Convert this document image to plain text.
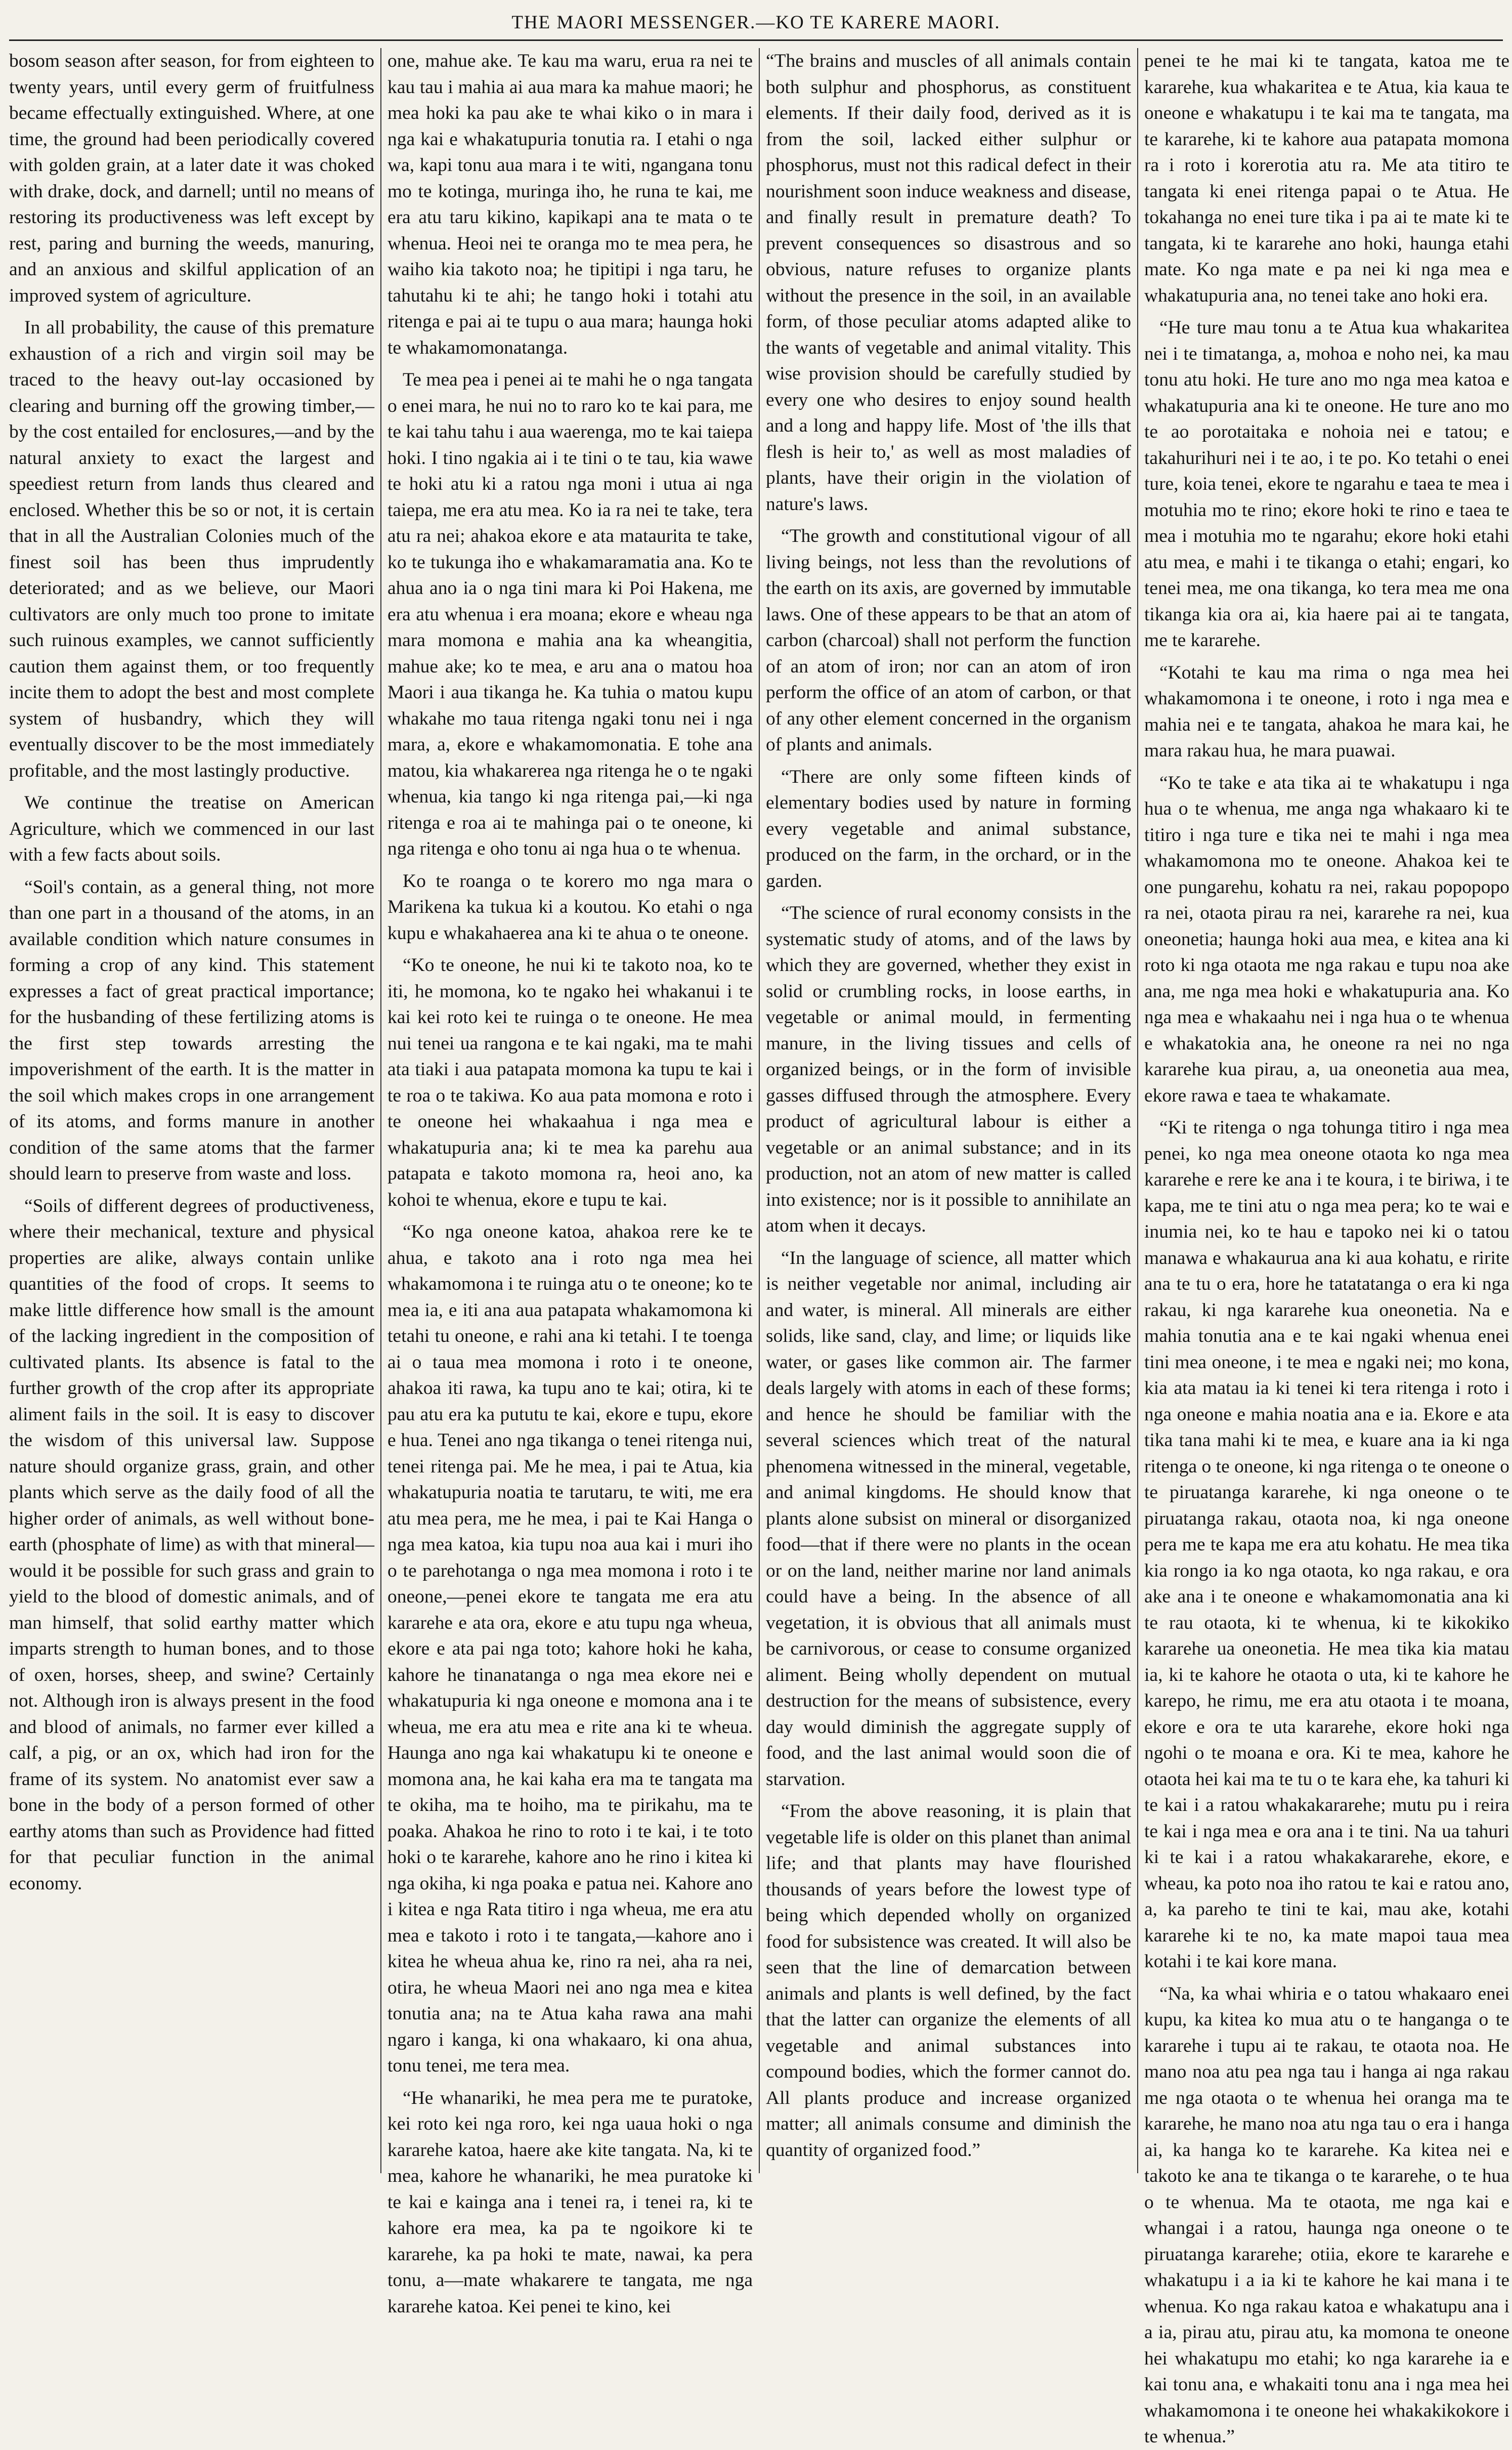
THE MAORI MESSENGER.—KO TE KARERE MAORI.

bosom season after season, for from eighteen to twenty years, until every germ of fruitfulness became effectually extinguished. Where, at one time, the ground had been periodically covered with golden grain, at a later date it was choked with drake, dock, and darnell; until no means of restoring its productiveness was left except by rest, paring and burning the weeds, manuring, and an anxious and skilful application of an improved system of agriculture.

In all probability, the cause of this premature exhaustion of a rich and virgin soil may be traced to the heavy out-lay occasioned by clearing and burning off the growing timber,—by the cost entailed for enclosures,—and by the natural anxiety to exact the largest and speediest return from lands thus cleared and enclosed. Whether this be so or not, it is certain that in all the Australian Colonies much of the finest soil has been thus imprudently deteriorated; and as we believe, our Maori cultivators are only much too prone to imitate such ruinous examples, we cannot sufficiently caution them against them, or too frequently incite them to adopt the best and most complete system of husbandry, which they will eventually discover to be the most immediately profitable, and the most lastingly productive.

We continue the treatise on American Agriculture, which we commenced in our last with a few facts about soils.

“Soil's contain, as a general thing, not more than one part in a thousand of the atoms, in an available condition which nature consumes in forming a crop of any kind. This statement expresses a fact of great practical importance; for the husbanding of these fertilizing atoms is the first step towards arresting the impoverishment of the earth. It is the matter in the soil which makes crops in one arrangement of its atoms, and forms manure in another condition of the same atoms that the farmer should learn to preserve from waste and loss.

“Soils of different degrees of productiveness, where their mechanical, texture and physical properties are alike, always contain unlike quantities of the food of crops. It seems to make little difference how small is the amount of the lacking ingredient in the composition of cultivated plants. Its absence is fatal to the further growth of the crop after its appropriate aliment fails in the soil. It is easy to discover the wisdom of this universal law. Suppose nature should organize grass, grain, and other plants which serve as the daily food of all the higher order of animals, as well without bone-earth (phosphate of lime) as with that mineral—would it be possible for such grass and grain to yield to the blood of domestic animals, and of man himself, that solid earthy matter which imparts strength to human bones, and to those of oxen, horses, sheep, and swine? Certainly not. Although iron is always present in the food and blood of animals, no farmer ever killed a calf, a pig, or an ox, which had iron for the frame of its system. No anatomist ever saw a bone in the body of a person formed of other earthy atoms than such as Providence had fitted for that peculiar function in the animal economy.

one, mahue ake. Te kau ma waru, erua ra nei te kau tau i mahia ai aua mara ka mahue maori; he mea hoki ka pau ake te whai kiko o in mara i nga kai e whakatupuria tonutia ra. I etahi o nga wa, kapi tonu aua mara i te witi, ngangana tonu mo te kotinga, muringa iho, he runa te kai, me era atu taru kikino, kapikapi ana te mata o te whenua. Heoi nei te oranga mo te mea pera, he waiho kia takoto noa; he tipitipi i nga taru, he tahutahu ki te ahi; he tango hoki i totahi atu ritenga e pai ai te tupu o aua mara; haunga hoki te whakamomonatanga.

Te mea pea i penei ai te mahi he o nga tangata o enei mara, he nui no to raro ko te kai para, me te kai tahu tahu i aua waerenga, mo te kai taiepa hoki. I tino ngakia ai i te tini o te tau, kia wawe te hoki atu ki a ratou nga moni i utua ai nga taiepa, me era atu mea. Ko ia ra nei te take, tera atu ra nei; ahakoa ekore e ata mataurita te take, ko te tukunga iho e whakamaramatia ana. Ko te ahua ano ia o nga tini mara ki Poi Hakena, me era atu whenua i era moana; ekore e wheau nga mara momona e mahia ana ka wheangitia, mahue ake; ko te mea, e aru ana o matou hoa Maori i aua tikanga he. Ka tuhia o matou kupu whakahe mo taua ritenga ngaki tonu nei i nga mara, a, ekore e whakamomonatia. E tohe ana matou, kia whakarerea nga ritenga he o te ngaki whenua, kia tango ki nga ritenga pai,—ki nga ritenga e roa ai te mahinga pai o te oneone, ki nga ritenga e oho tonu ai nga hua o te whenua.

Ko te roanga o te korero mo nga mara o Marikena ka tukua ki a koutou. Ko etahi o nga kupu e whakahaerea ana ki te ahua o te oneone.

“Ko te oneone, he nui ki te takoto noa, ko te iti, he momona, ko te ngako hei whakanui i te kai kei roto kei te ruinga o te oneone. He mea nui tenei ua rangona e te kai ngaki, ma te mahi ata tiaki i aua patapata momona ka tupu te kai i te roa o te takiwa. Ko aua pata momona e roto i te oneone hei whakaahua i nga mea e whakatupuria ana; ki te mea ka parehu aua patapata e takoto momona ra, heoi ano, ka kohoi te whenua, ekore e tupu te kai.

“Ko nga oneone katoa, ahakoa rere ke te ahua, e takoto ana i roto nga mea hei whakamomona i te ruinga atu o te oneone; ko te mea ia, e iti ana aua patapata whakamomona ki tetahi tu oneone, e rahi ana ki tetahi. I te toenga ai o taua mea momona i roto i te oneone, ahakoa iti rawa, ka tupu ano te kai; otira, ki te pau atu era ka pututu te kai, ekore e tupu, ekore e hua. Tenei ano nga tikanga o tenei ritenga nui, tenei ritenga pai. Me he mea, i pai te Atua, kia whakatupuria noatia te tarutaru, te witi, me era atu mea pera, me he mea, i pai te Kai Hanga o nga mea katoa, kia tupu noa aua kai i muri iho o te parehotanga o nga mea momona i roto i te oneone,—penei ekore te tangata me era atu kararehe e ata ora, ekore e atu tupu nga wheua, ekore e ata pai nga toto; kahore hoki he kaha, kahore he tinanatanga o nga mea ekore nei e whakatupuria ki nga oneone e momona ana i te wheua, me era atu mea e rite ana ki te wheua. Haunga ano nga kai whakatupu ki te oneone e momona ana, he kai kaha era ma te tangata ma te okiha, ma te hoiho, ma te pirikahu, ma te poaka. Ahakoa he rino to roto i te kai, i te toto hoki o te kararehe, kahore ano he rino i kitea ki nga okiha, ki nga poaka e patua nei. Kahore ano i kitea e nga Rata titiro i nga wheua, me era atu mea e takoto i roto i te tangata,—kahore ano i kitea he wheua ahua ke, rino ra nei, aha ra nei, otira, he wheua Maori nei ano nga mea e kitea tonutia ana; na te Atua kaha rawa ana mahi ngaro i kanga, ki ona whakaaro, ki ona ahua, tonu tenei, me tera mea.

“He whanariki, he mea pera me te puratoke, kei roto kei nga roro, kei nga uaua hoki o nga kararehe katoa, haere ake kite tangata. Na, ki te mea, kahore he whanariki, he mea puratoke ki te kai e kainga ana i tenei ra, i tenei ra, ki te kahore era mea, ka pa te ngoikore ki te kararehe, ka pa hoki te mate, nawai, ka pera tonu, a—mate whakarere te tangata, me nga kararehe katoa. Kei penei te kino, kei

“The brains and muscles of all animals contain both sulphur and phosphorus, as constituent elements. If their daily food, derived as it is from the soil, lacked either sulphur or phosphorus, must not this radical defect in their nourishment soon induce weakness and disease, and finally result in premature death? To prevent consequences so disastrous and so obvious, nature refuses to organize plants without the presence in the soil, in an available form, of those peculiar atoms adapted alike to the wants of vegetable and animal vitality. This wise provision should be carefully studied by every one who desires to enjoy sound health and a long and happy life. Most of 'the ills that flesh is heir to,' as well as most maladies of plants, have their origin in the violation of nature's laws.

“The growth and constitutional vigour of all living beings, not less than the revolutions of the earth on its axis, are governed by immutable laws. One of these appears to be that an atom of carbon (charcoal) shall not perform the function of an atom of iron; nor can an atom of iron perform the office of an atom of carbon, or that of any other element concerned in the organism of plants and animals.

“There are only some fifteen kinds of elementary bodies used by nature in forming every vegetable and animal substance, produced on the farm, in the orchard, or in the garden.

“The science of rural economy consists in the systematic study of atoms, and of the laws by which they are governed, whether they exist in solid or crumbling rocks, in loose earths, in vegetable or animal mould, in fermenting manure, in the living tissues and cells of organized beings, or in the form of invisible gasses diffused through the atmosphere. Every product of agricultural labour is either a vegetable or an animal substance; and in its production, not an atom of new matter is called into existence; nor is it possible to annihilate an atom when it decays.

“In the language of science, all matter which is neither vegetable nor animal, including air and water, is mineral. All minerals are either solids, like sand, clay, and lime; or liquids like water, or gases like common air. The farmer deals largely with atoms in each of these forms; and hence he should be familiar with the several sciences which treat of the natural phenomena witnessed in the mineral, vegetable, and animal kingdoms. He should know that plants alone subsist on mineral or disorganized food—that if there were no plants in the ocean or on the land, neither marine nor land animals could have a being. In the absence of all vegetation, it is obvious that all animals must be carnivorous, or cease to consume organized aliment. Being wholly dependent on mutual destruction for the means of subsistence, every day would diminish the aggregate supply of food, and the last animal would soon die of starvation.

“From the above reasoning, it is plain that vegetable life is older on this planet than animal life; and that plants may have flourished thousands of years before the lowest type of being which depended wholly on organized food for subsistence was created. It will also be seen that the line of demarcation between animals and plants is well defined, by the fact that the latter can organize the elements of all vegetable and animal substances into compound bodies, which the former cannot do. All plants produce and increase organized matter; all animals consume and diminish the quantity of organized food.”

penei te he mai ki te tangata, katoa me te kararehe, kua whakaritea e te Atua, kia kaua te oneone e whakatupu i te kai ma te tangata, ma te kararehe, ki te kahore aua patapata momona ra i roto i korerotia atu ra. Me ata titiro te tangata ki enei ritenga papai o te Atua. He tokahanga no enei ture tika i pa ai te mate ki te tangata, ki te kararehe ano hoki, haunga etahi mate. Ko nga mate e pa nei ki nga mea e whakatupuria ana, no tenei take ano hoki era.

“He ture mau tonu a te Atua kua whakaritea nei i te timatanga, a, mohoa e noho nei, ka mau tonu atu hoki. He ture ano mo nga mea katoa e whakatupuria ana ki te oneone. He ture ano mo te ao porotaitaka e nohoia nei e tatou; e takahurihuri nei i te ao, i te po. Ko tetahi o enei ture, koia tenei, ekore te ngarahu e taea te mea i motuhia mo te rino; ekore hoki te rino e taea te mea i motuhia mo te ngarahu; ekore hoki etahi atu mea, e mahi i te tikanga o etahi; engari, ko tenei mea, me ona tikanga, ko tera mea me ona tikanga kia ora ai, kia haere pai ai te tangata, me te kararehe.

“Kotahi te kau ma rima o nga mea hei whakamomona i te oneone, i roto i nga mea e mahia nei e te tangata, ahakoa he mara kai, he mara rakau hua, he mara puawai.

“Ko te take e ata tika ai te whakatupu i nga hua o te whenua, me anga nga whakaaro ki te titiro i nga ture e tika nei te mahi i nga mea whakamomona mo te oneone. Ahakoa kei te one pungarehu, kohatu ra nei, rakau popopopo ra nei, otaota pirau ra nei, kararehe ra nei, kua oneonetia; haunga hoki aua mea, e kitea ana ki roto ki nga otaota me nga rakau e tupu noa ake ana, me nga mea hoki e whakatupuria ana. Ko nga mea e whakaahu nei i nga hua o te whenua e whakatokia ana, he oneone ra nei no nga kararehe kua pirau, a, ua oneonetia aua mea, ekore rawa e taea te whakamate.

“Ki te ritenga o nga tohunga titiro i nga mea penei, ko nga mea oneone otaota ko nga mea kararehe e rere ke ana i te koura, i te biriwa, i te kapa, me te tini atu o nga mea pera; ko te wai e inumia nei, ko te hau e tapoko nei ki o tatou manawa e whakaurua ana ki aua kohatu, e ririte ana te tu o era, hore he tatatatanga o era ki nga rakau, ki nga kararehe kua oneonetia. Na e mahia tonutia ana e te kai ngaki whenua enei tini mea oneone, i te mea e ngaki nei; mo kona, kia ata matau ia ki tenei ki tera ritenga i roto i nga oneone e mahia noatia ana e ia. Ekore e ata tika tana mahi ki te mea, e kuare ana ia ki nga ritenga o te oneone, ki nga ritenga o te oneone o te piruatanga kararehe, ki nga oneone o te piruatanga rakau, otaota noa, ki nga oneone pera me te kapa me era atu kohatu. He mea tika kia rongo ia ko nga otaota, ko nga rakau, e ora ake ana i te oneone e whakamomonatia ana ki te rau otaota, ki te whenua, ki te kikokiko kararehe ua oneonetia. He mea tika kia matau ia, ki te kahore he otaota o uta, ki te kahore he karepo, he rimu, me era atu otaota i te moana, ekore e ora te uta kararehe, ekore hoki nga ngohi o te moana e ora. Ki te mea, kahore he otaota hei kai ma te tu o te kara ehe, ka tahuri ki te kai i a ratou whakakararehe; mutu pu i reira te kai i nga mea e ora ana i te tini. Na ua tahuri ki te kai i a ratou whakakararehe, ekore, e wheau, ka poto noa iho ratou te kai e ratou ano, a, ka pareho te tini te kai, mau ake, kotahi kararehe ki te no, ka mate mapoi taua mea kotahi i te kai kore mana.

“Na, ka whai whiria e o tatou whakaaro enei kupu, ka kitea ko mua atu o te hanganga o te kararehe i tupu ai te rakau, te otaota noa. He mano noa atu pea nga tau i hanga ai nga rakau me nga otaota o te whenua hei oranga ma te kararehe, he mano noa atu nga tau o era i hanga ai, ka hanga ko te kararehe. Ka kitea nei e takoto ke ana te tikanga o te kararehe, o te hua o te whenua. Ma te otaota, me nga kai e whangai i a ratou, haunga nga oneone o te piruatanga kararehe; otiia, ekore te kararehe e whakatupu i a ia ki te kahore he kai mana i te whenua. Ko nga rakau katoa e whakatupu ana i a ia, pirau atu, pirau atu, ka momona te oneone hei whakatupu mo etahi; ko nga kararehe ia e kai tonu ana, e whakaiti tonu ana i nga mea hei whakamomona i te oneone hei whakakikokore i te whenua.”
